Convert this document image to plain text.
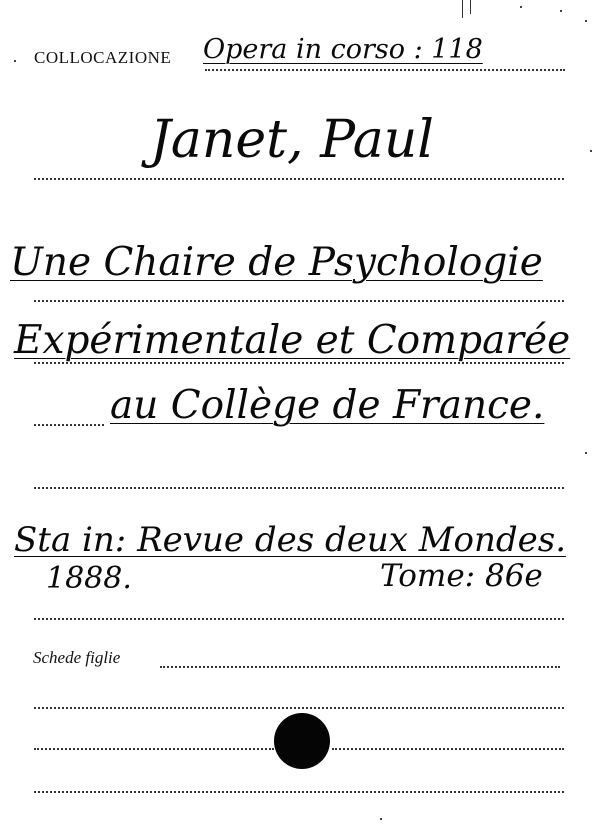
COLLOCAZIONE Opera in corso : 118
Janet, Paul
Une Chaire de Psychologie
Expérimentale et Comparée
au Collège de France.
Sta in: Revue des deux Mondes.
1888.	Tome: 86e
Schede figlie
